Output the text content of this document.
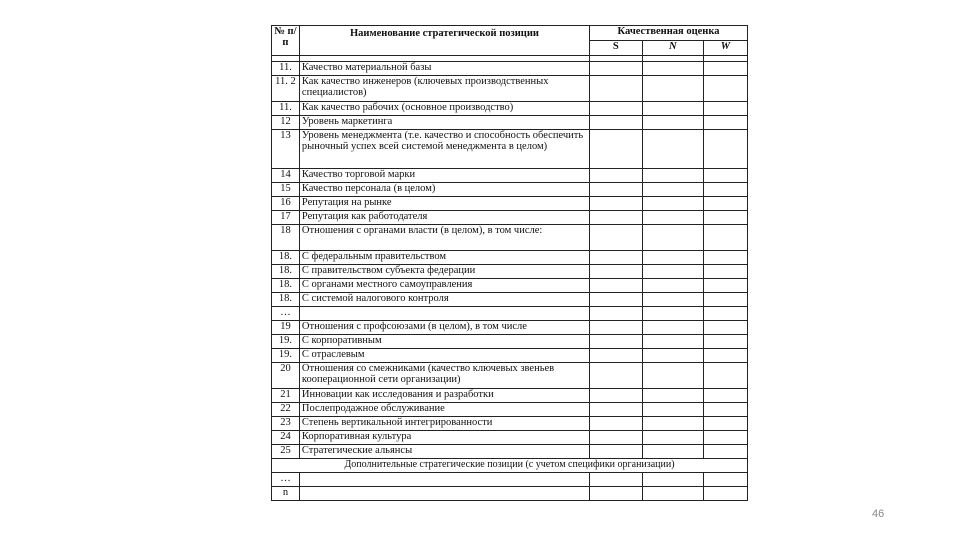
№ п/п	Наименование стратегической позиции	Качественная оценка		
		S	N	W

11.	Качество материальной базы			
11. 2	Как качество инженеров (ключевых производственных специалистов)			
11.	Как качество рабочих (основное производство)			
12	Уровень маркетинга			
13	Уровень менеджмента (т.е. качество и способность обеспечить рыночный успех всей системой менеджмента в целом)			
14	Качество торговой марки			
15	Качество персонала (в целом)			
16	Репутация на рынке			
17	Репутация как работодателя			
18	Отношения с органами власти (в целом), в том числе:			
18.	С федеральным правительством			
18.	С правительством субъекта федерации			
18.	С органами местного самоуправления			
18.	С системой налогового контроля			
…				
19	Отношения с профсоюзами (в целом), в том числе			
19.	С корпоративным			
19.	С отраслевым			
20	Отношения со смежниками (качество ключевых звеньев кооперационной сети организации)			
21	Инновации как исследования и разработки			
22	Послепродажное обслуживание			
23	Степень вертикальной интегрированности			
24	Корпоративная культура			
25	Стратегические альянсы			
Дополнительные стратегические позиции (с учетом специфики организации)				
…				
n				
46
